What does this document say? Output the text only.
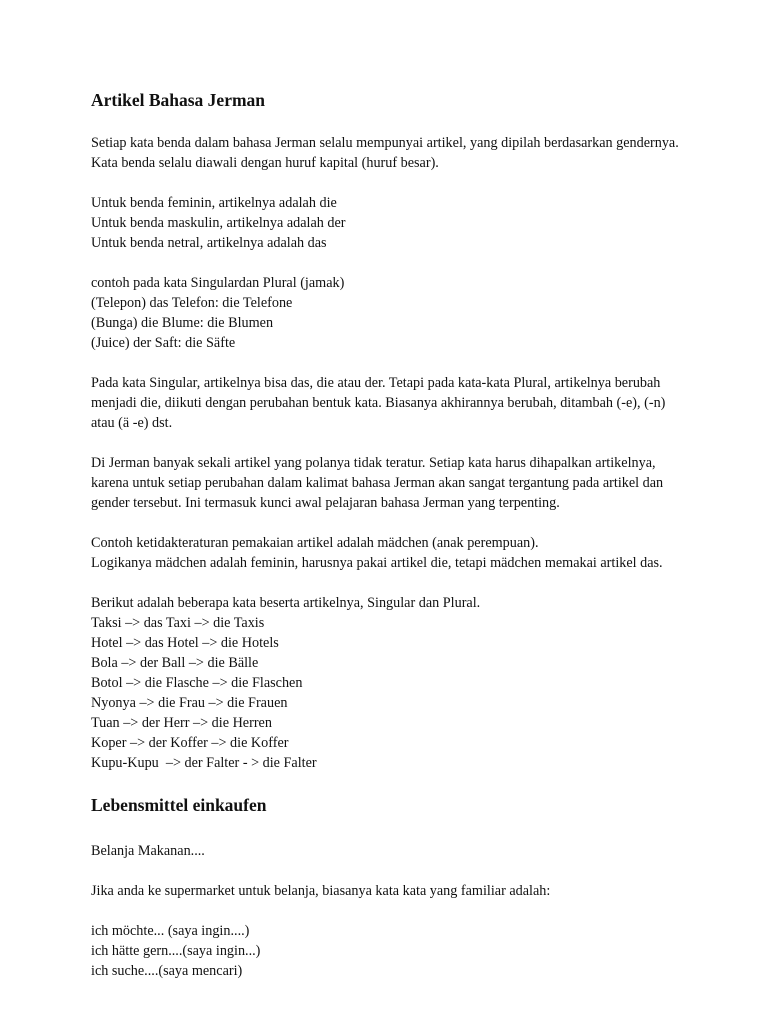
Artikel Bahasa Jerman

Setiap kata benda dalam bahasa Jerman selalu mempunyai artikel, yang dipilah berdasarkan gendernya. Kata benda selalu diawali dengan huruf kapital (huruf besar).

Untuk benda feminin, artikelnya adalah die
Untuk benda maskulin, artikelnya adalah der
Untuk benda netral, artikelnya adalah das

contoh pada kata Singulardan Plural (jamak)
(Telepon) das Telefon: die Telefone
(Bunga) die Blume: die Blumen
(Juice) der Saft: die Säfte

Pada kata Singular, artikelnya bisa das, die atau der. Tetapi pada kata-kata Plural, artikelnya berubah menjadi die, diikuti dengan perubahan bentuk kata. Biasanya akhirannya berubah, ditambah (-e), (-n) atau (ä -e) dst.

Di Jerman banyak sekali artikel yang polanya tidak teratur. Setiap kata harus dihapalkan artikelnya, karena untuk setiap perubahan dalam kalimat bahasa Jerman akan sangat tergantung pada artikel dan gender tersebut. Ini termasuk kunci awal pelajaran bahasa Jerman yang terpenting.

Contoh ketidakteraturan pemakaian artikel adalah mädchen (anak perempuan).
Logikanya mädchen adalah feminin, harusnya pakai artikel die, tetapi mädchen memakai artikel das.

Berikut adalah beberapa kata beserta artikelnya, Singular dan Plural.
Taksi –> das Taxi –> die Taxis
Hotel –> das Hotel –> die Hotels
Bola –> der Ball –> die Bälle
Botol –> die Flasche –> die Flaschen
Nyonya –> die Frau –> die Frauen
Tuan –> der Herr –> die Herren
Koper –> der Koffer –> die Koffer
Kupu-Kupu  –> der Falter - > die Falter

Lebensmittel einkaufen

Belanja Makanan....

Jika anda ke supermarket untuk belanja, biasanya kata kata yang familiar adalah:

ich möchte... (saya ingin....)
ich hätte gern....(saya ingin...)
ich suche....(saya mencari)
